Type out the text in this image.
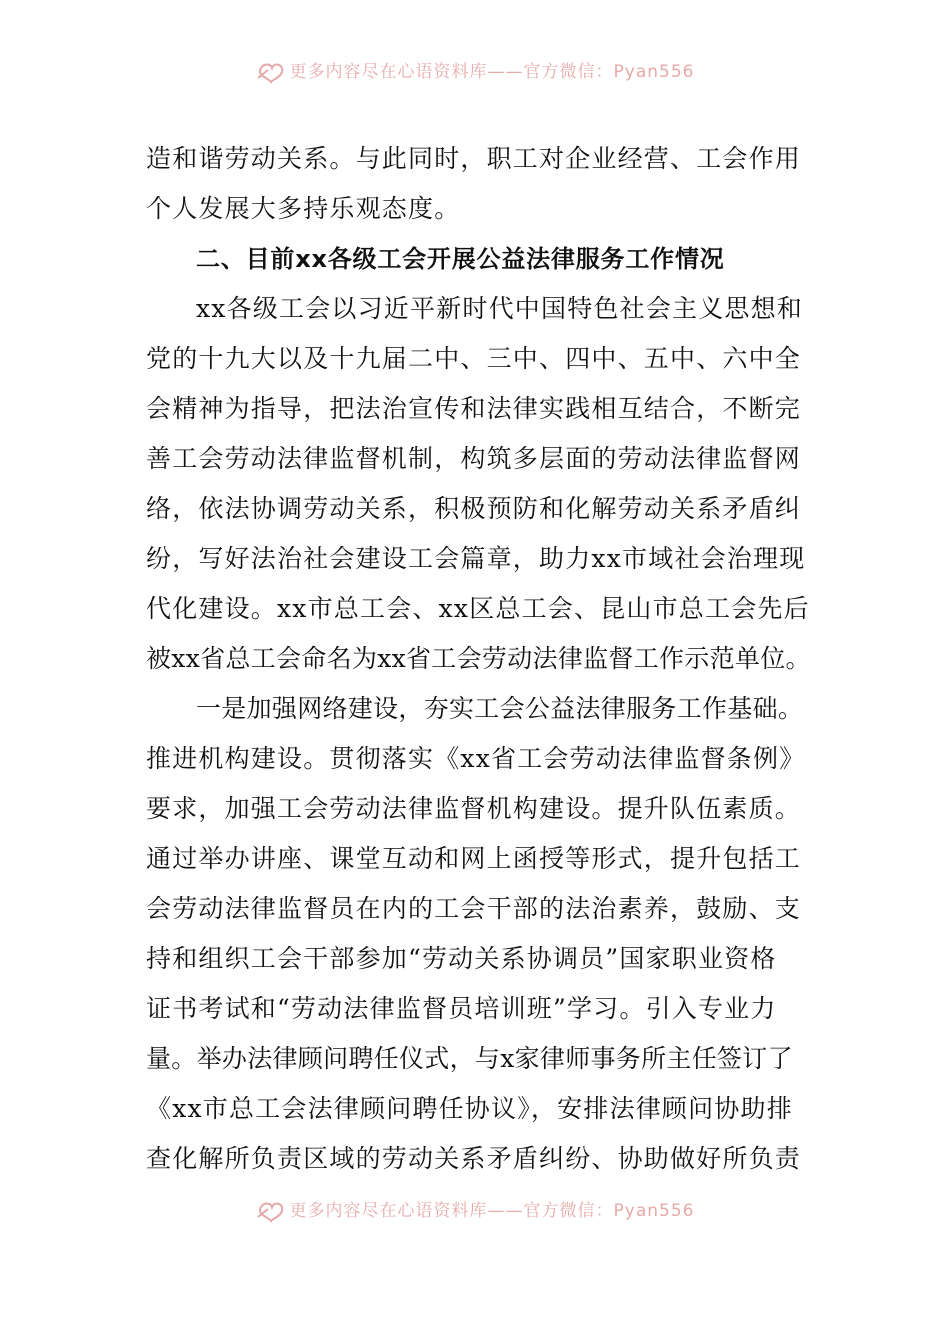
更多内容尽在心语资料库——官方微信：Pyan556
造和谐劳动关系。与此同时，职工对企业经营、工会作用
个人发展大多持乐观态度。
二、目前xx各级工会开展公益法律服务工作情况
xx各级工会以习近平新时代中国特色社会主义思想和
党的十九大以及十九届二中、三中、四中、五中、六中全
会精神为指导，把法治宣传和法律实践相互结合，不断完
善工会劳动法律监督机制，构筑多层面的劳动法律监督网
络，依法协调劳动关系，积极预防和化解劳动关系矛盾纠
纷，写好法治社会建设工会篇章，助力xx市域社会治理现
代化建设。xx市总工会、xx区总工会、昆山市总工会先后
被xx省总工会命名为xx省工会劳动法律监督工作示范单位。
一是加强网络建设，夯实工会公益法律服务工作基础。
推进机构建设。贯彻落实《xx省工会劳动法律监督条例》
要求，加强工会劳动法律监督机构建设。提升队伍素质。
通过举办讲座、课堂互动和网上函授等形式，提升包括工
会劳动法律监督员在内的工会干部的法治素养，鼓励、支
持和组织工会干部参加“劳动关系协调员”国家职业资格
证书考试和“劳动法律监督员培训班”学习。引入专业力
量。举办法律顾问聘任仪式，与x家律师事务所主任签订了
《xx市总工会法律顾问聘任协议》，安排法律顾问协助排
查化解所负责区域的劳动关系矛盾纠纷、协助做好所负责
更多内容尽在心语资料库——官方微信：Pyan556
